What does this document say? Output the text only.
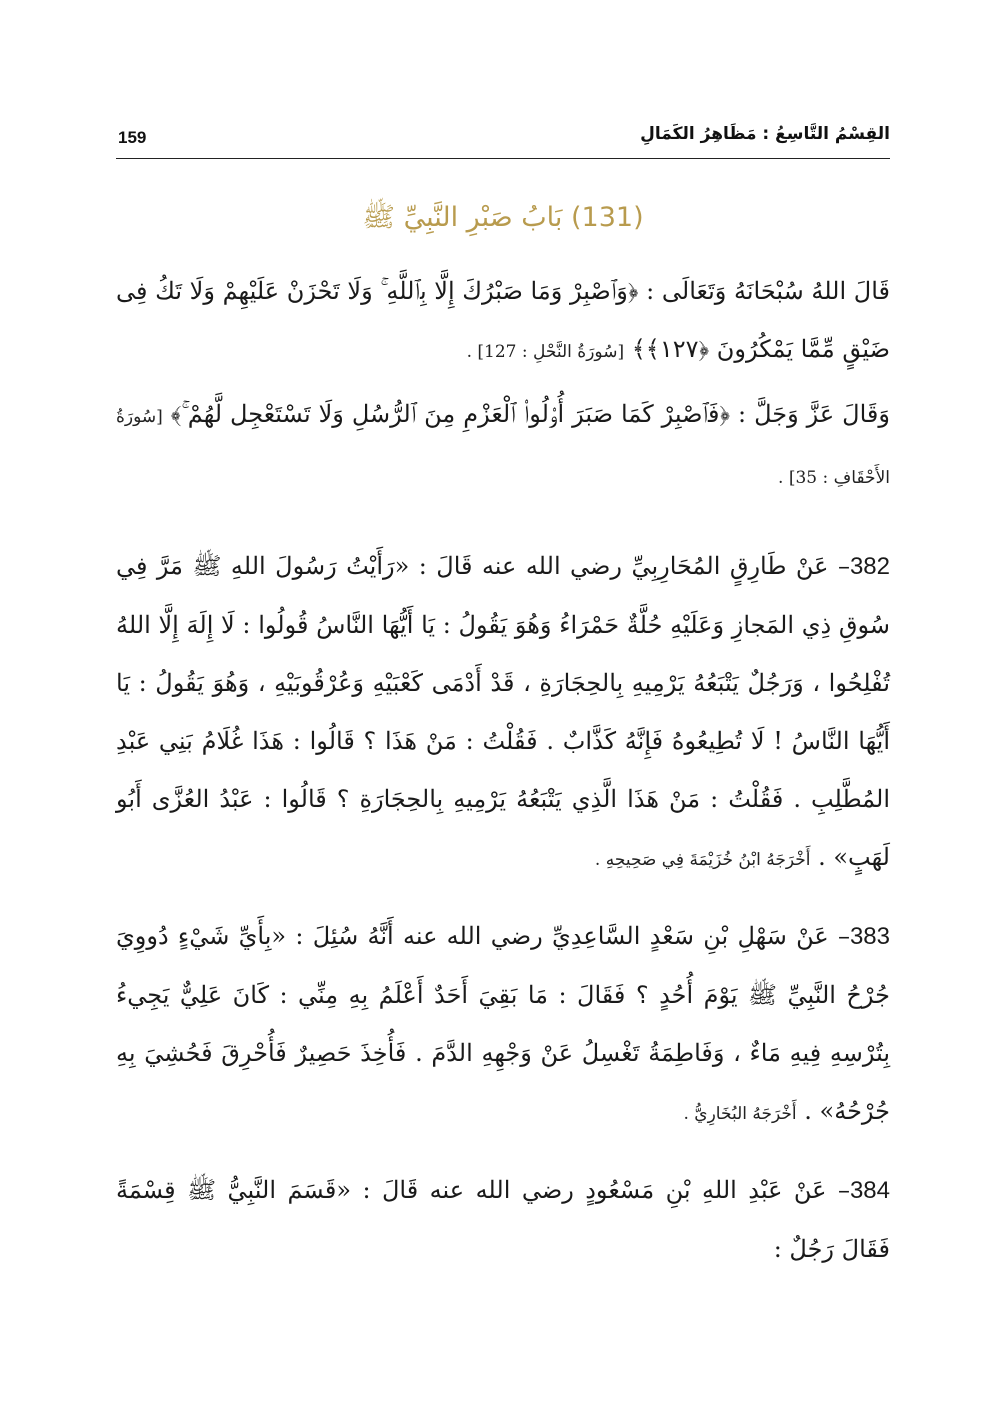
159	القِسْمُ التَّاسِعُ : مَظَاهِرُ الكَمَالِ
(131) بَابُ صَبْرِ النَّبِيِّ ﷺ

قَالَ اللهُ سُبْحَانَهُ وَتَعَالَى : ﴿وَٱصْبِرْ وَمَا صَبْرُكَ إِلَّا بِٱللَّهِ ۚ وَلَا تَحْزَنْ عَلَيْهِمْ وَلَا تَكُ فِى ضَيْقٍ مِّمَّا يَمْكُرُونَ ﴿١٢٧﴾﴾ [سُورَةُ النَّحْلِ : 127] .

وَقَالَ عَزَّ وَجَلَّ : ﴿فَٱصْبِرْ كَمَا صَبَرَ أُو۟لُوا۟ ٱلْعَزْمِ مِنَ ٱلرُّسُلِ وَلَا تَسْتَعْجِل لَّهُمْ ۚ﴾ [سُورَةُ الأَحْقَافِ : 35] .

382– عَنْ طَارِقٍ المُحَارِبِيِّ رضي الله عنه قَالَ : «رَأَيْتُ رَسُولَ اللهِ ﷺ مَرَّ فِي سُوقِ ذِي المَجازِ وَعَلَيْهِ حُلَّةٌ حَمْرَاءُ وَهُوَ يَقُولُ : يَا أَيُّهَا النَّاسُ قُولُوا : لَا إِلَهَ إِلَّا اللهُ تُفْلِحُوا ، وَرَجُلٌ يَتْبَعُهُ يَرْمِيهِ بِالحِجَارَةِ ، قَدْ أَدْمَى كَعْبَيْهِ وَعُرْقُوبَيْهِ ، وَهُوَ يَقُولُ : يَا أَيُّهَا النَّاسُ ! لَا تُطِيعُوهُ فَإِنَّهُ كَذَّابٌ . فَقُلْتُ : مَنْ هَذَا ؟ قَالُوا : هَذَا غُلَامُ بَنِي عَبْدِ المُطَّلِبِ . فَقُلْتُ : مَنْ هَذَا الَّذِي يَتْبَعُهُ يَرْمِيهِ بِالحِجَارَةِ ؟ قَالُوا : عَبْدُ العُزَّى أَبُو لَهَبٍ» . أَخْرَجَهُ ابْنُ خُزَيْمَةَ فِي صَحِيحِهِ .

383– عَنْ سَهْلِ بْنِ سَعْدٍ السَّاعِدِيِّ رضي الله عنه أَنَّهُ سُئِلَ : «بِأَيِّ شَيْءٍ دُووِيَ جُرْحُ النَّبِيِّ ﷺ يَوْمَ أُحُدٍ ؟ فَقَالَ : مَا بَقِيَ أَحَدٌ أَعْلَمُ بِهِ مِنِّي : كَانَ عَلِيٌّ يَجِيءُ بِتُرْسِهِ فِيهِ مَاءٌ ، وَفَاطِمَةُ تَغْسِلُ عَنْ وَجْهِهِ الدَّمَ . فَأُخِذَ حَصِيرٌ فَأُحْرِقَ فَحُشِيَ بِهِ جُرْحُهُ» . أَخْرَجَهُ البُخَارِيُّ .

384– عَنْ عَبْدِ اللهِ بْنِ مَسْعُودٍ رضي الله عنه قَالَ : «قَسَمَ النَّبِيُّ ﷺ قِسْمَةً فَقَالَ رَجُلٌ :
